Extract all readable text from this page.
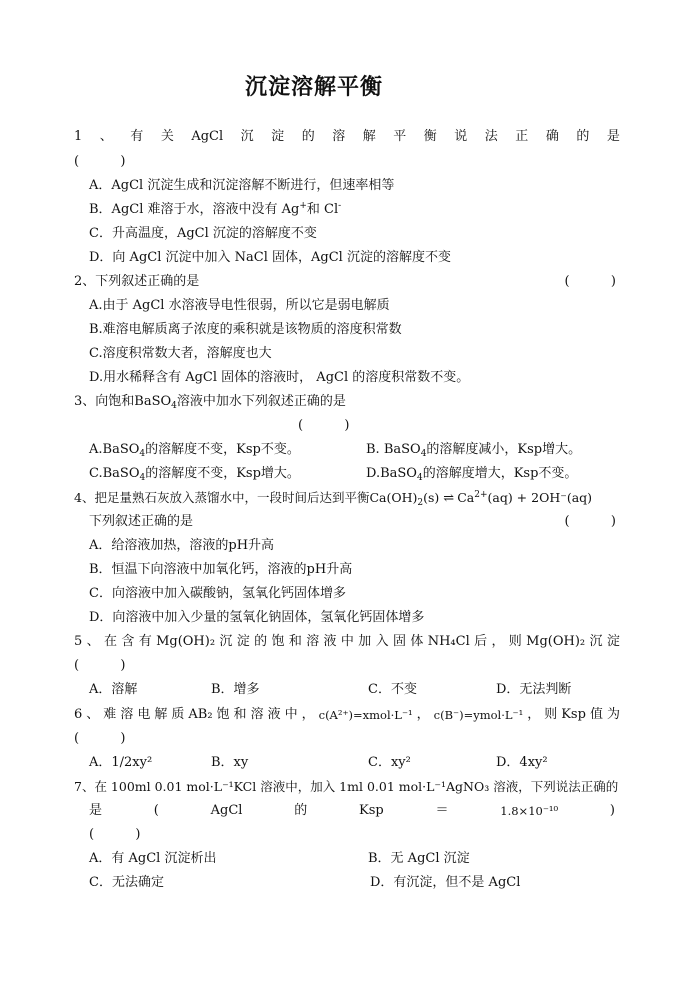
沉淀溶解平衡
1 、 有 关 AgCl 沉 淀 的 溶 解 平 衡 说 法 正 确 的 是
(          )
A．AgCl 沉淀生成和沉淀溶解不断进行，但速率相等
B．AgCl 难溶于水，溶液中没有 Ag+和 Cl-
C．升高温度，AgCl 沉淀的溶解度不变
D．向 AgCl 沉淀中加入 NaCl 固体，AgCl 沉淀的溶解度不变
2、下列叙述正确的是	(          )
A.由于 AgCl 水溶液导电性很弱，所以它是弱电解质
B.难溶电解质离子浓度的乘积就是该物质的溶度积常数
C.溶度积常数大者，溶解度也大
D.用水稀释含有 AgCl 固体的溶液时， AgCl 的溶度积常数不变。
3、向饱和BaSO$_4$溶液中加水下列叙述正确的是
(          )
A.BaSO$_4$的溶解度不变，Ksp不变。	B. BaSO$_4$的溶解度减小，Ksp增大。
C.BaSO$_4$的溶解度不变，Ksp增大。	D.BaSO$_4$的溶解度增大，Ksp不变。
4、把足量熟石灰放入蒸馏水中，一段时间后达到平衡$Ca(OH)_2(s)$ ⇌ $Ca^{2+}(aq) + 2OH^-(aq)$
下列叙述正确的是	(          )
A．给溶液加热，溶液的pH升高
B．恒温下向溶液中加氧化钙，溶液的pH升高
C．向溶液中加入碳酸钠，氢氧化钙固体增多
D．向溶液中加入少量的氢氧化钠固体，氢氧化钙固体增多
5 、 在 含 有 Mg(OH)₂ 沉 淀 的 饱 和 溶 液 中 加 入 固 体 NH₄Cl 后 ， 则 Mg(OH)₂ 沉 淀
(          )
A．溶解	B．增多	C．不变	D．无法判断
6 、 难 溶 电 解 质 AB₂ 饱 和 溶 液 中 ， c(A²⁺)=xmol·L⁻¹ ， c(B⁻)=ymol·L⁻¹ ， 则 Ksp 值 为
(          )
A．1/2xy²	B．xy	C．xy²	D．4xy²
7、在 100ml 0.01 mol·L⁻¹KCl 溶液中，加入 1ml 0.01 mol·L⁻¹AgNO₃ 溶液，下列说法正确的
是	(	AgCl	的	Ksp	＝	1.8×10⁻¹⁰	)
(          )
A．有 AgCl 沉淀析出	B．无 AgCl 沉淀
C．无法确定	D．有沉淀，但不是 AgCl
